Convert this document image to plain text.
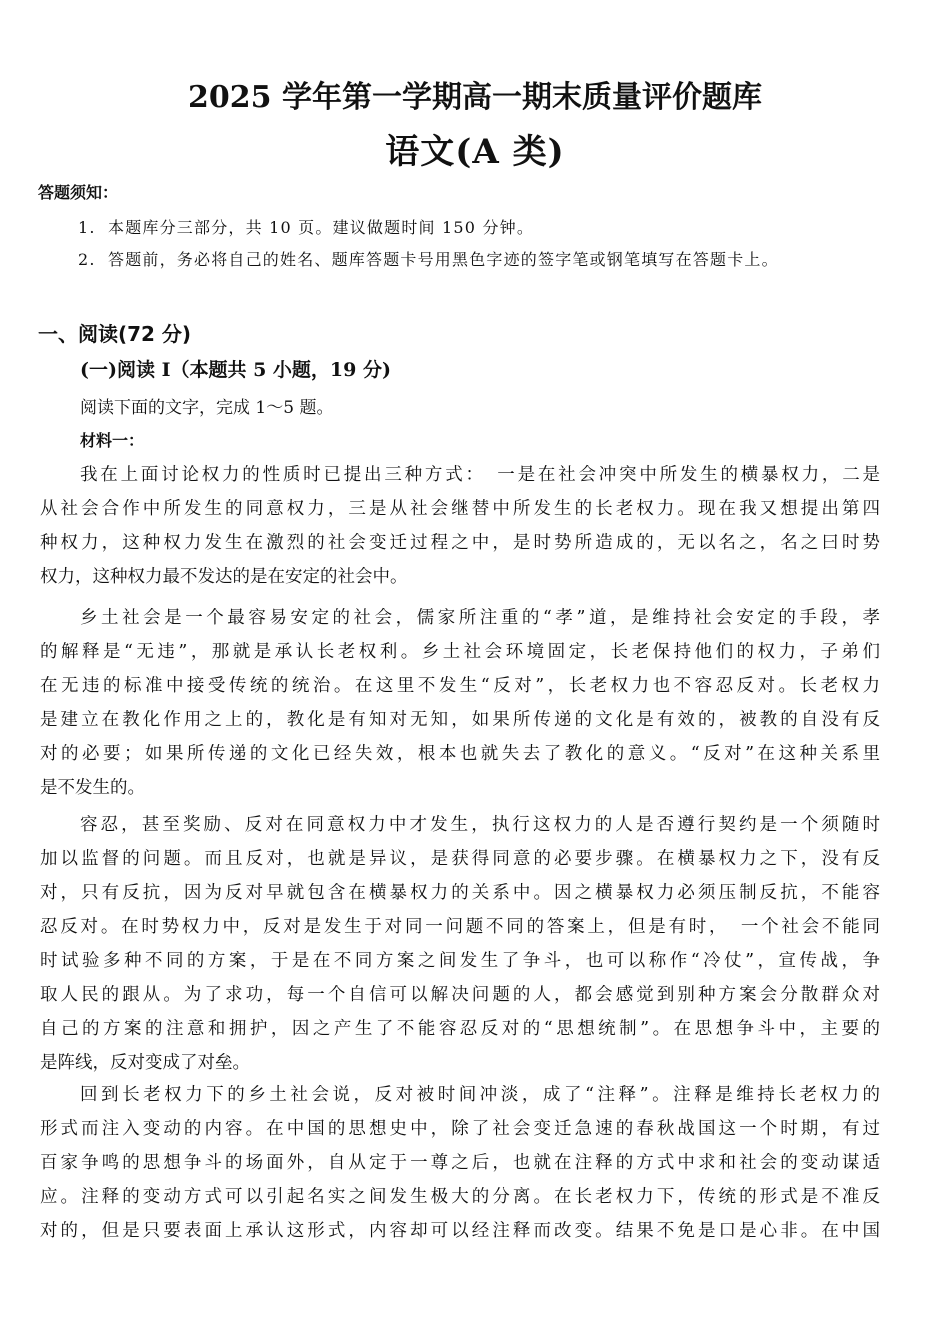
2025 学年第一学期高一期末质量评价题库
语文(A 类)
答题须知：
1. 本题库分三部分，共 10 页。建议做题时间 150 分钟。
2. 答题前，务必将自己的姓名、题库答题卡号用黑色字迹的签字笔或钢笔填写在答题卡上。
一、阅读(72 分)
(一)阅读 I（本题共 5 小题，19 分)
阅读下面的文字，完成 1～5 题。
材料一：
我在上面讨论权力的性质时已提出三种方式：　一是在社会冲突中所发生的横暴权力，二是
从社会合作中所发生的同意权力，三是从社会继替中所发生的长老权力。现在我又想提出第四
种权力，这种权力发生在激烈的社会变迁过程之中，是时势所造成的，无以名之，名之曰时势
权力，这种权力最不发达的是在安定的社会中。
乡土社会是一个最容易安定的社会，儒家所注重的“孝”道，是维持社会安定的手段，孝
的解释是“无违”，那就是承认长老权利。乡土社会环境固定，长老保持他们的权力，子弟们
在无违的标准中接受传统的统治。在这里不发生“反对”，长老权力也不容忍反对。长老权力
是建立在教化作用之上的，教化是有知对无知，如果所传递的文化是有效的，被教的自没有反
对的必要；如果所传递的文化已经失效，根本也就失去了教化的意义。“反对”在这种关系里
是不发生的。
容忍，甚至奖励、反对在同意权力中才发生，执行这权力的人是否遵行契约是一个须随时
加以监督的问题。而且反对，也就是异议，是获得同意的必要步骤。在横暴权力之下，没有反
对，只有反抗，因为反对早就包含在横暴权力的关系中。因之横暴权力必须压制反抗，不能容
忍反对。在时势权力中，反对是发生于对同一问题不同的答案上，但是有时，　一个社会不能同
时试验多种不同的方案，于是在不同方案之间发生了争斗，也可以称作“冷仗”，宣传战，争
取人民的跟从。为了求功，每一个自信可以解决问题的人，都会感觉到别种方案会分散群众对
自己的方案的注意和拥护，因之产生了不能容忍反对的“思想统制”。在思想争斗中，主要的
是阵线，反对变成了对垒。
回到长老权力下的乡土社会说，反对被时间冲淡，成了“注释”。注释是维持长老权力的
形式而注入变动的内容。在中国的思想史中，除了社会变迁急速的春秋战国这一个时期，有过
百家争鸣的思想争斗的场面外，自从定于一尊之后，也就在注释的方式中求和社会的变动谋适
应。注释的变动方式可以引起名实之间发生极大的分离。在长老权力下，传统的形式是不准反
对的，但是只要表面上承认这形式，内容却可以经注释而改变。结果不免是口是心非。在中国
